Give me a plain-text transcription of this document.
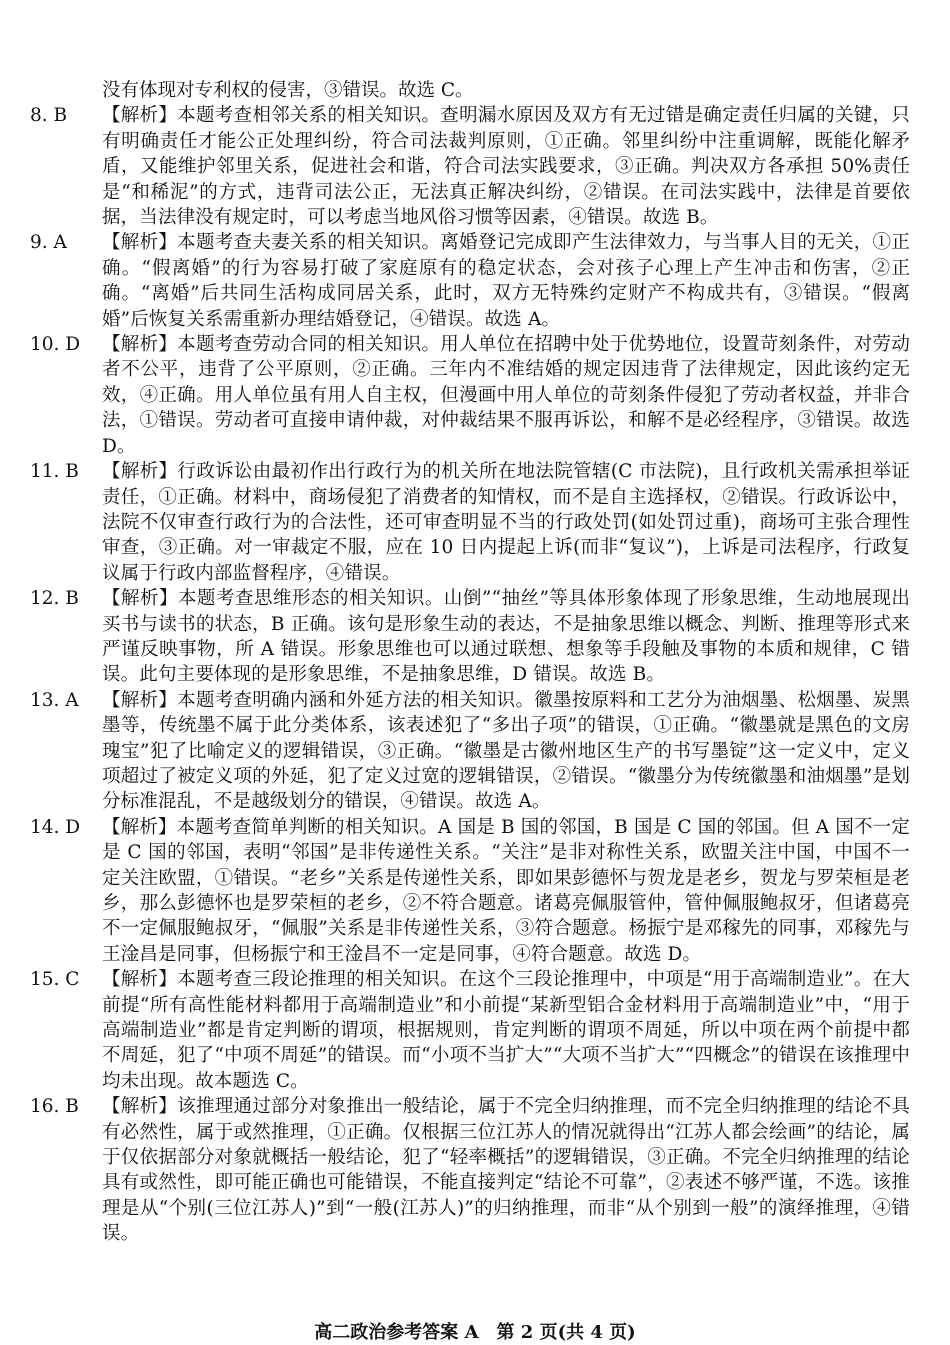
没有体现对专利权的侵害，③错误。故选 C。
8. B	【解析】本题考查相邻关系的相关知识。查明漏水原因及双方有无过错是确定责任归属的关键，只有明确责任才能公正处理纠纷，符合司法裁判原则，①正确。邻里纠纷中注重调解，既能化解矛盾，又能维护邻里关系，促进社会和谐，符合司法实践要求，③正确。判决双方各承担 50%责任是“和稀泥”的方式，违背司法公正，无法真正解决纠纷，②错误。在司法实践中，法律是首要依据，当法律没有规定时，可以考虑当地风俗习惯等因素，④错误。故选 B。
9. A	【解析】本题考查夫妻关系的相关知识。离婚登记完成即产生法律效力，与当事人目的无关，①正确。“假离婚”的行为容易打破了家庭原有的稳定状态，会对孩子心理上产生冲击和伤害，②正确。“离婚”后共同生活构成同居关系，此时，双方无特殊约定财产不构成共有，③错误。“假离婚”后恢复关系需重新办理结婚登记，④错误。故选 A。
10. D	【解析】本题考查劳动合同的相关知识。用人单位在招聘中处于优势地位，设置苛刻条件，对劳动者不公平，违背了公平原则，②正确。三年内不准结婚的规定因违背了法律规定，因此该约定无效，④正确。用人单位虽有用人自主权，但漫画中用人单位的苛刻条件侵犯了劳动者权益，并非合法，①错误。劳动者可直接申请仲裁，对仲裁结果不服再诉讼，和解不是必经程序，③错误。故选 D。
11. B	【解析】行政诉讼由最初作出行政行为的机关所在地法院管辖(C 市法院)，且行政机关需承担举证责任，①正确。材料中，商场侵犯了消费者的知情权，而不是自主选择权，②错误。行政诉讼中，法院不仅审查行政行为的合法性，还可审查明显不当的行政处罚(如处罚过重)，商场可主张合理性审查，③正确。对一审裁定不服，应在 10 日内提起上诉(而非“复议”)，上诉是司法程序，行政复议属于行政内部监督程序，④错误。
12. B	【解析】本题考查思维形态的相关知识。山倒”“抽丝”等具体形象体现了形象思维，生动地展现出买书与读书的状态，B 正确。该句是形象生动的表达，不是抽象思维以概念、判断、推理等形式来严谨反映事物，所 A 错误。形象思维也可以通过联想、想象等手段触及事物的本质和规律，C 错误。此句主要体现的是形象思维，不是抽象思维，D 错误。故选 B。
13. A	【解析】本题考查明确内涵和外延方法的相关知识。徽墨按原料和工艺分为油烟墨、松烟墨、炭黑墨等，传统墨不属于此分类体系，该表述犯了“多出子项”的错误，①正确。“徽墨就是黑色的文房瑰宝”犯了比喻定义的逻辑错误，③正确。“徽墨是古徽州地区生产的书写墨锭”这一定义中，定义项超过了被定义项的外延，犯了定义过宽的逻辑错误，②错误。“徽墨分为传统徽墨和油烟墨”是划分标准混乱，不是越级划分的错误，④错误。故选 A。
14. D	【解析】本题考查简单判断的相关知识。A 国是 B 国的邻国，B 国是 C 国的邻国。但 A 国不一定是 C 国的邻国，表明“邻国”是非传递性关系。“关注”是非对称性关系，欧盟关注中国，中国不一定关注欧盟，①错误。“老乡”关系是传递性关系，即如果彭德怀与贺龙是老乡，贺龙与罗荣桓是老乡，那么彭德怀也是罗荣桓的老乡，②不符合题意。诸葛亮佩服管仲，管仲佩服鲍叔牙，但诸葛亮不一定佩服鲍叔牙，“佩服”关系是非传递性关系，③符合题意。杨振宁是邓稼先的同事，邓稼先与王淦昌是同事，但杨振宁和王淦昌不一定是同事，④符合题意。故选 D。
15. C	【解析】本题考查三段论推理的相关知识。在这个三段论推理中，中项是“用于高端制造业”。在大前提“所有高性能材料都用于高端制造业”和小前提“某新型铝合金材料用于高端制造业”中，“用于高端制造业”都是肯定判断的谓项，根据规则，肯定判断的谓项不周延，所以中项在两个前提中都不周延，犯了“中项不周延”的错误。而“小项不当扩大”“大项不当扩大”“四概念”的错误在该推理中均未出现。故本题选 C。
16. B	【解析】该推理通过部分对象推出一般结论，属于不完全归纳推理，而不完全归纳推理的结论不具有必然性，属于或然推理，①正确。仅根据三位江苏人的情况就得出“江苏人都会绘画”的结论，属于仅依据部分对象就概括一般结论，犯了“轻率概括”的逻辑错误，③正确。不完全归纳推理的结论具有或然性，即可能正确也可能错误，不能直接判定“结论不可靠”，②表述不够严谨，不选。该推理是从“个别(三位江苏人)”到“一般(江苏人)”的归纳推理，而非“从个别到一般”的演绎推理，④错误。
高二政治参考答案 A　第 2 页(共 4 页)
